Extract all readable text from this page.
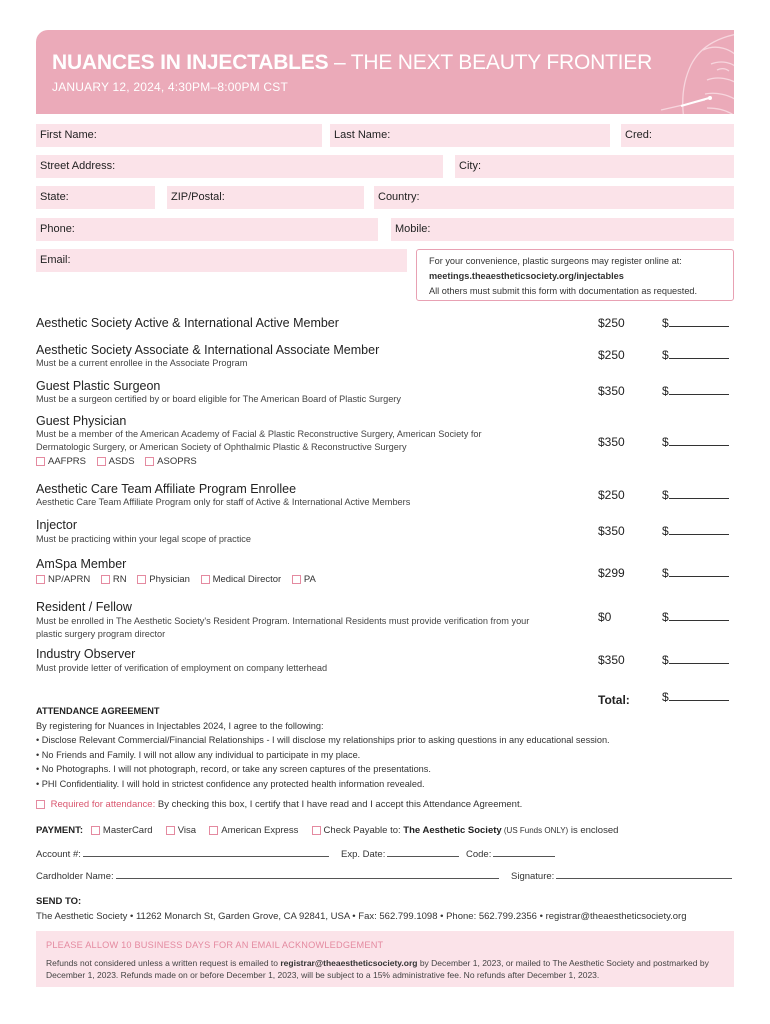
NUANCES IN INJECTABLES – THE NEXT BEAUTY FRONTIER
JANUARY 12, 2024, 4:30PM–8:00PM CST
First Name:	Last Name:	Cred:
Street Address:	City:
State:	ZIP/Postal:	Country:
Phone:	Mobile:
Email:	For your convenience, plastic surgeons may register online at:
meetings.theaestheticsociety.org/injectables
All others must submit this form with documentation as requested.
Aesthetic Society Active & International Active Member	$250	$
Aesthetic Society Associate & International Associate Member
Must be a current enrollee in the Associate Program
$250	$
Guest Plastic Surgeon
Must be a surgeon certified by or board eligible for The American Board of Plastic Surgery
$350	$
Guest Physician
Must be a member of the American Academy of Facial & Plastic Reconstructive Surgery, American Society for Dermatologic Surgery, or American Society of Ophthalmic Plastic & Reconstructive Surgery
AAFPRS ASDS ASOPRS
$350	$
Aesthetic Care Team Affiliate Program Enrollee
Aesthetic Care Team Affiliate Program only for staff of Active & International Active Members	$250	$
Injector
Must be practicing within your legal scope of practice
$350	$
AmSpa Member
NP/APRN RN Physician Medical Director PA	$299	$
Resident / Fellow
Must be enrolled in The Aesthetic Society's Resident Program. International Residents must provide verification from your plastic surgery program director
$0	$
Industry Observer
Must provide letter of verification of employment on company letterhead
$350	$
Total:	$
ATTENDANCE AGREEMENT
By registering for Nuances in Injectables 2024, I agree to the following:
• Disclose Relevant Commercial/Financial Relationships - I will disclose my relationships prior to asking questions in any educational session.
• No Friends and Family. I will not allow any individual to participate in my place.
• No Photographs. I will not photograph, record, or take any screen captures of the presentations.
• PHI Confidentiality. I will hold in strictest confidence any protected health information revealed.
Required for attendance: By checking this box, I certify that I have read and I accept this Attendance Agreement.
PAYMENT: MasterCard	Visa	American Express	Check Payable to: The Aesthetic Society (US Funds ONLY) is enclosed
Account #:	Exp. Date:	Code:
Cardholder Name:	Signature:
SEND TO:
The Aesthetic Society • 11262 Monarch St, Garden Grove, CA 92841, USA • Fax: 562.799.1098 • Phone: 562.799.2356 • registrar@theaestheticsociety.org
PLEASE ALLOW 10 BUSINESS DAYS FOR AN EMAIL ACKNOWLEDGEMENT
Refunds not considered unless a written request is emailed to registrar@theaestheticsociety.org by December 1, 2023, or mailed to The Aesthetic Society and postmarked by December 1, 2023. Refunds made on or before December 1, 2023, will be subject to a 15% administrative fee. No refunds after December 1, 2023.
